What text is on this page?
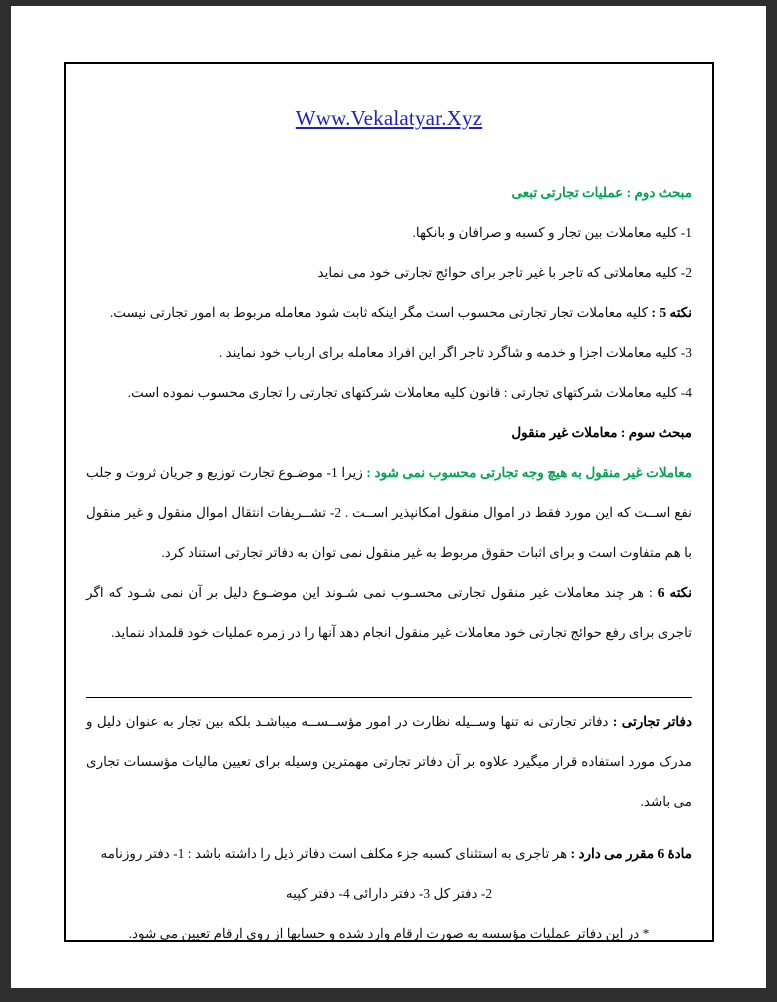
Www.Vekalatyar.Xyz

مبحث دوم : عملیات تجارتی تبعی

1- کلیه معاملات بین تجار و کسبه و صرافان و بانکها.

2- کلیه معاملاتی که تاجر با غیر تاجر برای حوائج تجارتی خود می نماید

نکته 5 : کلیه معاملات تجار تجارتی محسوب است مگر اینکه ثابت شود معامله مربوط به امور تجارتی نیست.

3- کلیه معاملات اجزا و خدمه و شاگرد تاجر اگر این افراد معامله برای ارباب خود نمایند .

4- کلیه معاملات شرکتهای تجارتی : قانون کلیه معاملات شرکتهای تجارتی را تجاری محسوب نموده است.

مبحث سوم : معاملات غیر منقول

معاملات غیر منقول به هیچ وجه تجارتی محسوب نمی شود : زیرا 1- موضـوع تجارت توزیع و جریان ثروت و جلب نفع اســت که این مورد فقط در اموال منقول امکانپذیر اســت . 2- تشــریفات انتقال اموال منقول و غیر منقول با هم متفاوت است و برای اثبات حقوق مربوط به غیر منقول نمی توان به دفاتر تجارتی استناد کرد.

نکته 6 : هر چند معاملات غیر منقول تجارتی محسـوب نمی شـوند این موضـوع دلیل بر آن نمی شـود که اگر تاجری برای رفع حوائج تجارتی خود معاملات غیر منقول انجام دهد آنها را در زمره عملیات خود قلمداد ننماید.

دفاتر تجارتی : دفاتر تجارتی نه تنها وســیله نظارت در امور مؤســســه میباشـد بلکه بین تجار به عنوان دلیل و مدرک مورد استفاده قرار میگیرد علاوه بر آن دفاتر تجارتی مهمترین وسیله برای تعیین مالیات مؤسسات تجاری می باشد.

مادۀ 6 مقرر می دارد : هر تاجری به استثنای کسبه جزء مکلف است دفاتر ذیل را داشته باشد : 1- دفتر روزنامه

2- دفتر کل 3- دفتر دارائی 4- دفتر کپیه

* در این دفاتر عملیات مؤسسه به صورت ارقام وارد شده و حسابها از روی ارقام تعیین می شود.
